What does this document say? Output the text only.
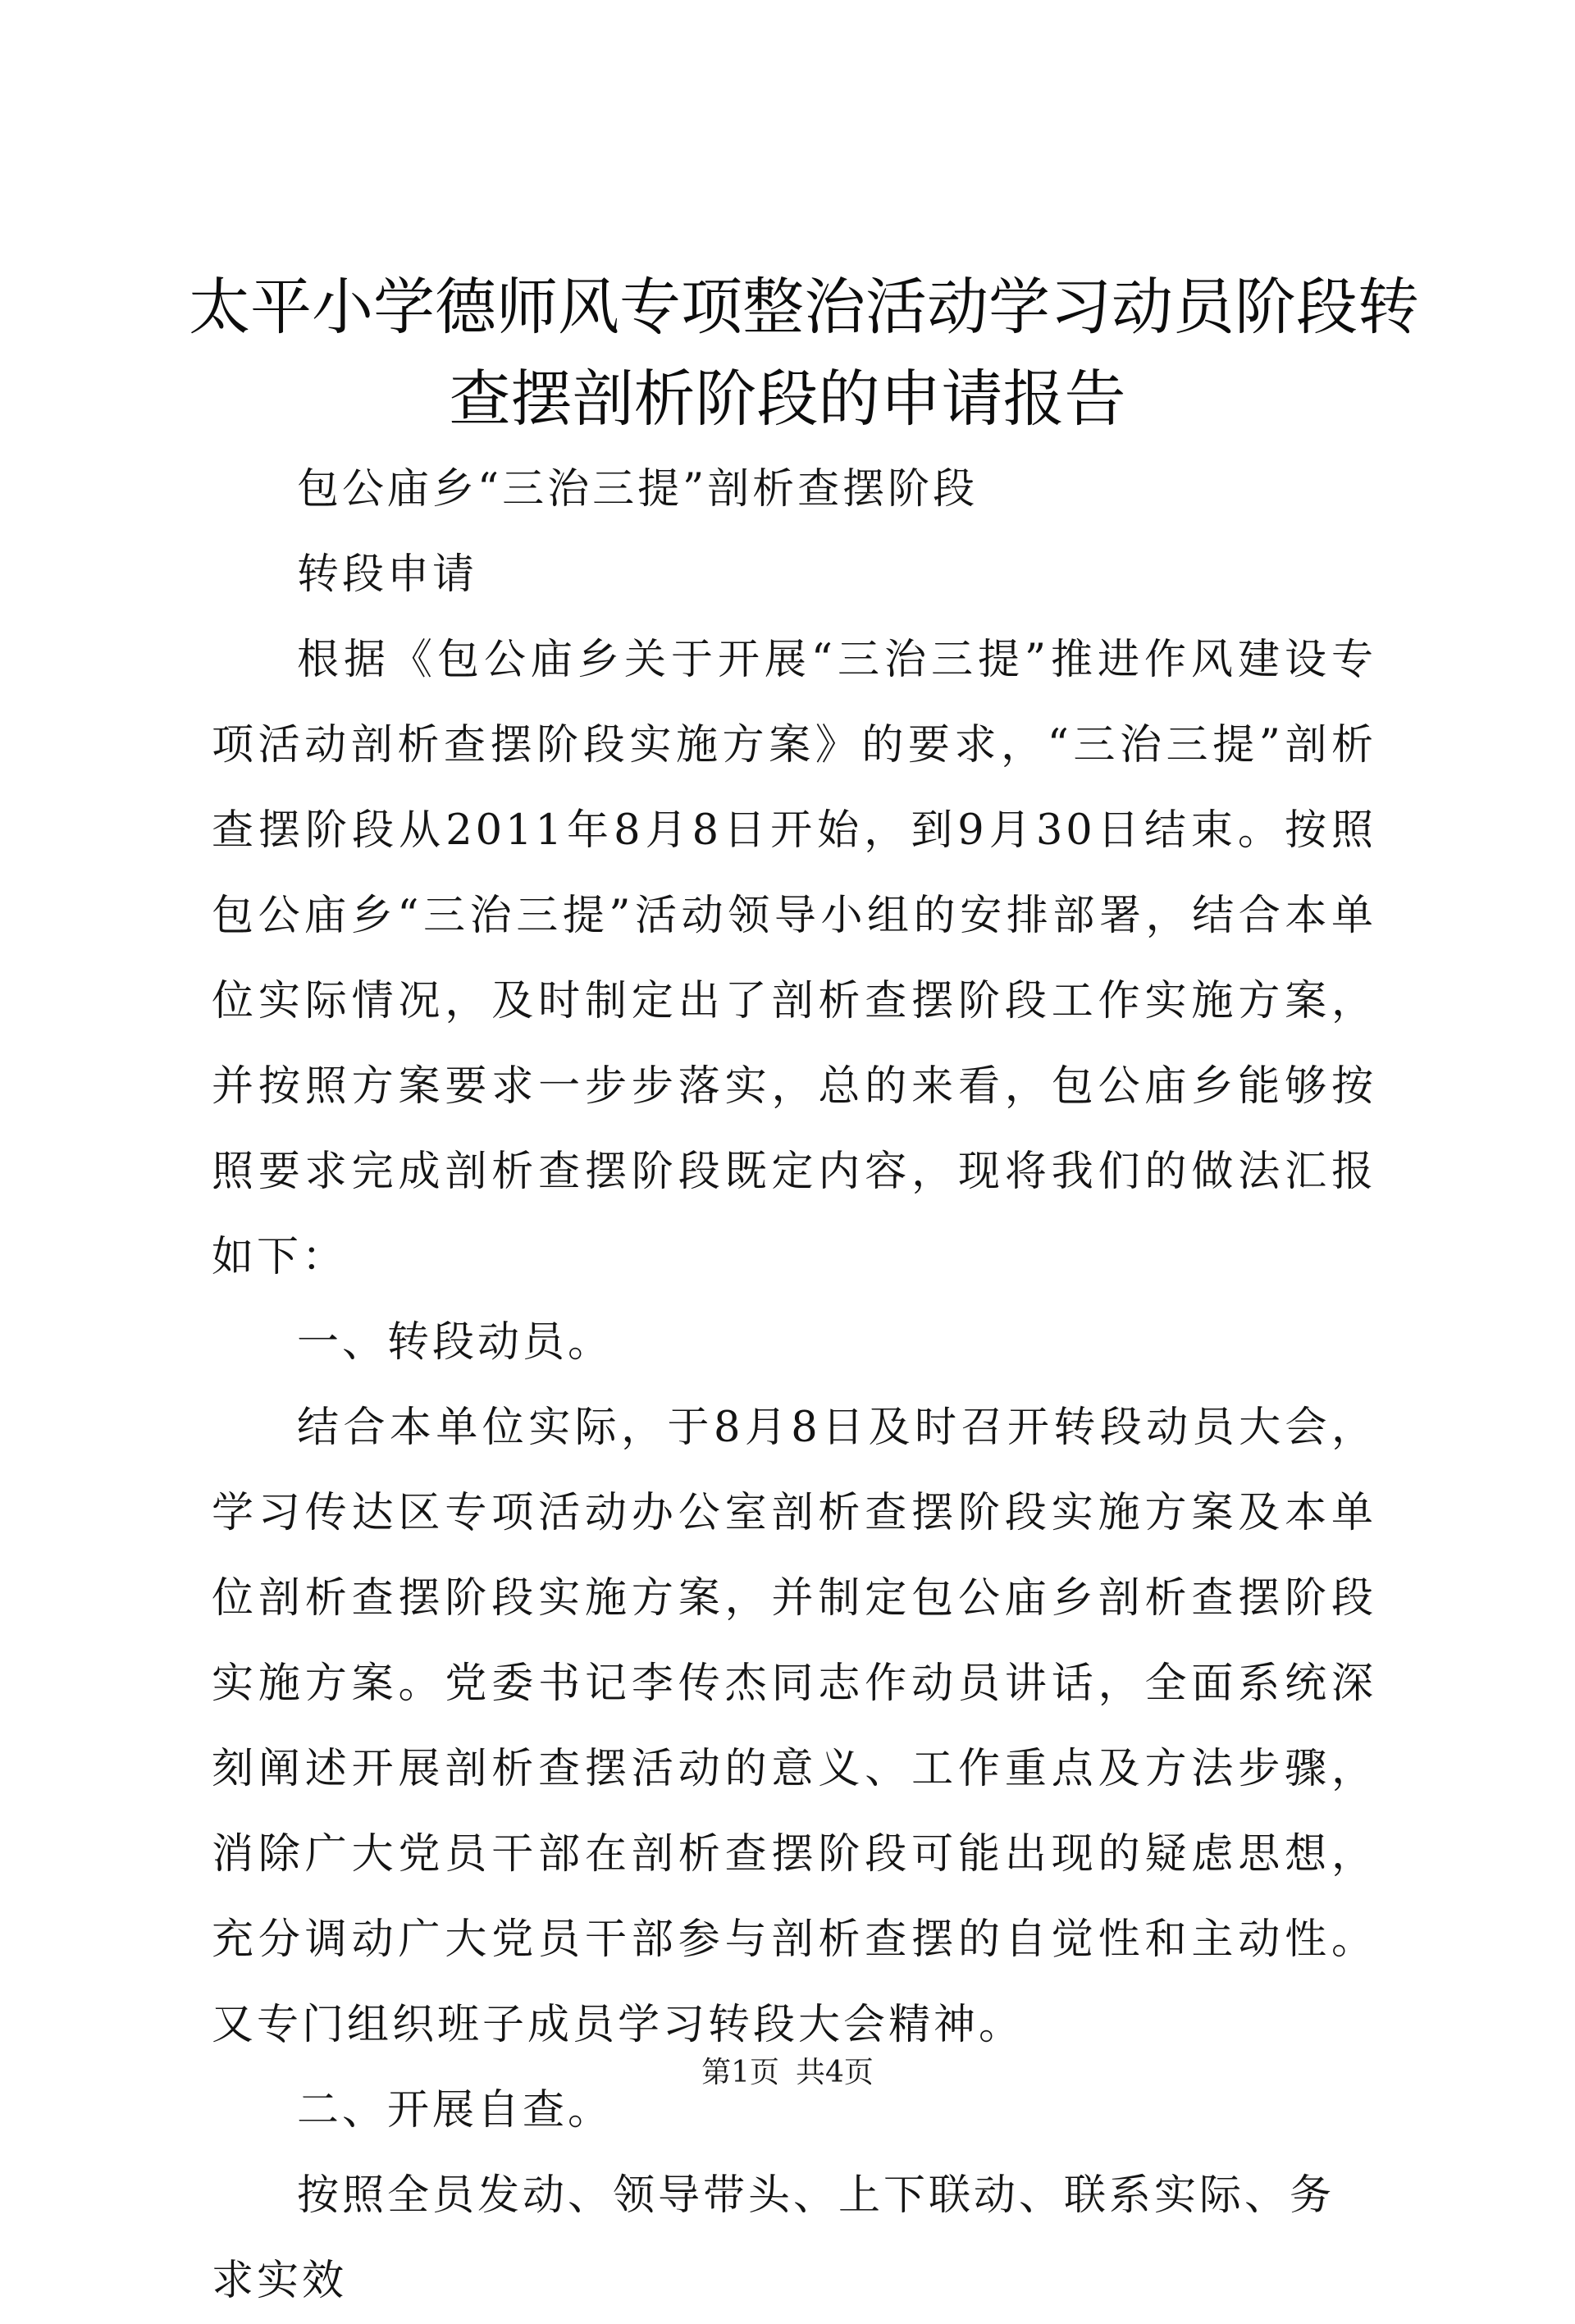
太平小学德师风专项整治活动学习动员阶段转
查摆剖析阶段的申请报告

包公庙乡“三治三提”剖析查摆阶段

转段申请

根据《包公庙乡关于开展“三治三提”推进作风建设专项活动剖析查摆阶段实施方案》的要求，“三治三提”剖析查摆阶段从2011年8月8日开始，到9月30日结束。按照包公庙乡“三治三提”活动领导小组的安排部署，结合本单位实际情况，及时制定出了剖析查摆阶段工作实施方案，并按照方案要求一步步落实，总的来看，包公庙乡能够按照要求完成剖析查摆阶段既定内容，现将我们的做法汇报如下：

一、转段动员。

结合本单位实际，于8月8日及时召开转段动员大会，学习传达区专项活动办公室剖析查摆阶段实施方案及本单位剖析查摆阶段实施方案，并制定包公庙乡剖析查摆阶段实施方案。党委书记李传杰同志作动员讲话，全面系统深刻阐述开展剖析查摆活动的意义、工作重点及方法步骤，消除广大党员干部在剖析查摆阶段可能出现的疑虑思想，充分调动广大党员干部参与剖析查摆的自觉性和主动性。又专门组织班子成员学习转段大会精神。

二、开展自查。

按照全员发动、领导带头、上下联动、联系实际、务求实效

第1页 共4页
